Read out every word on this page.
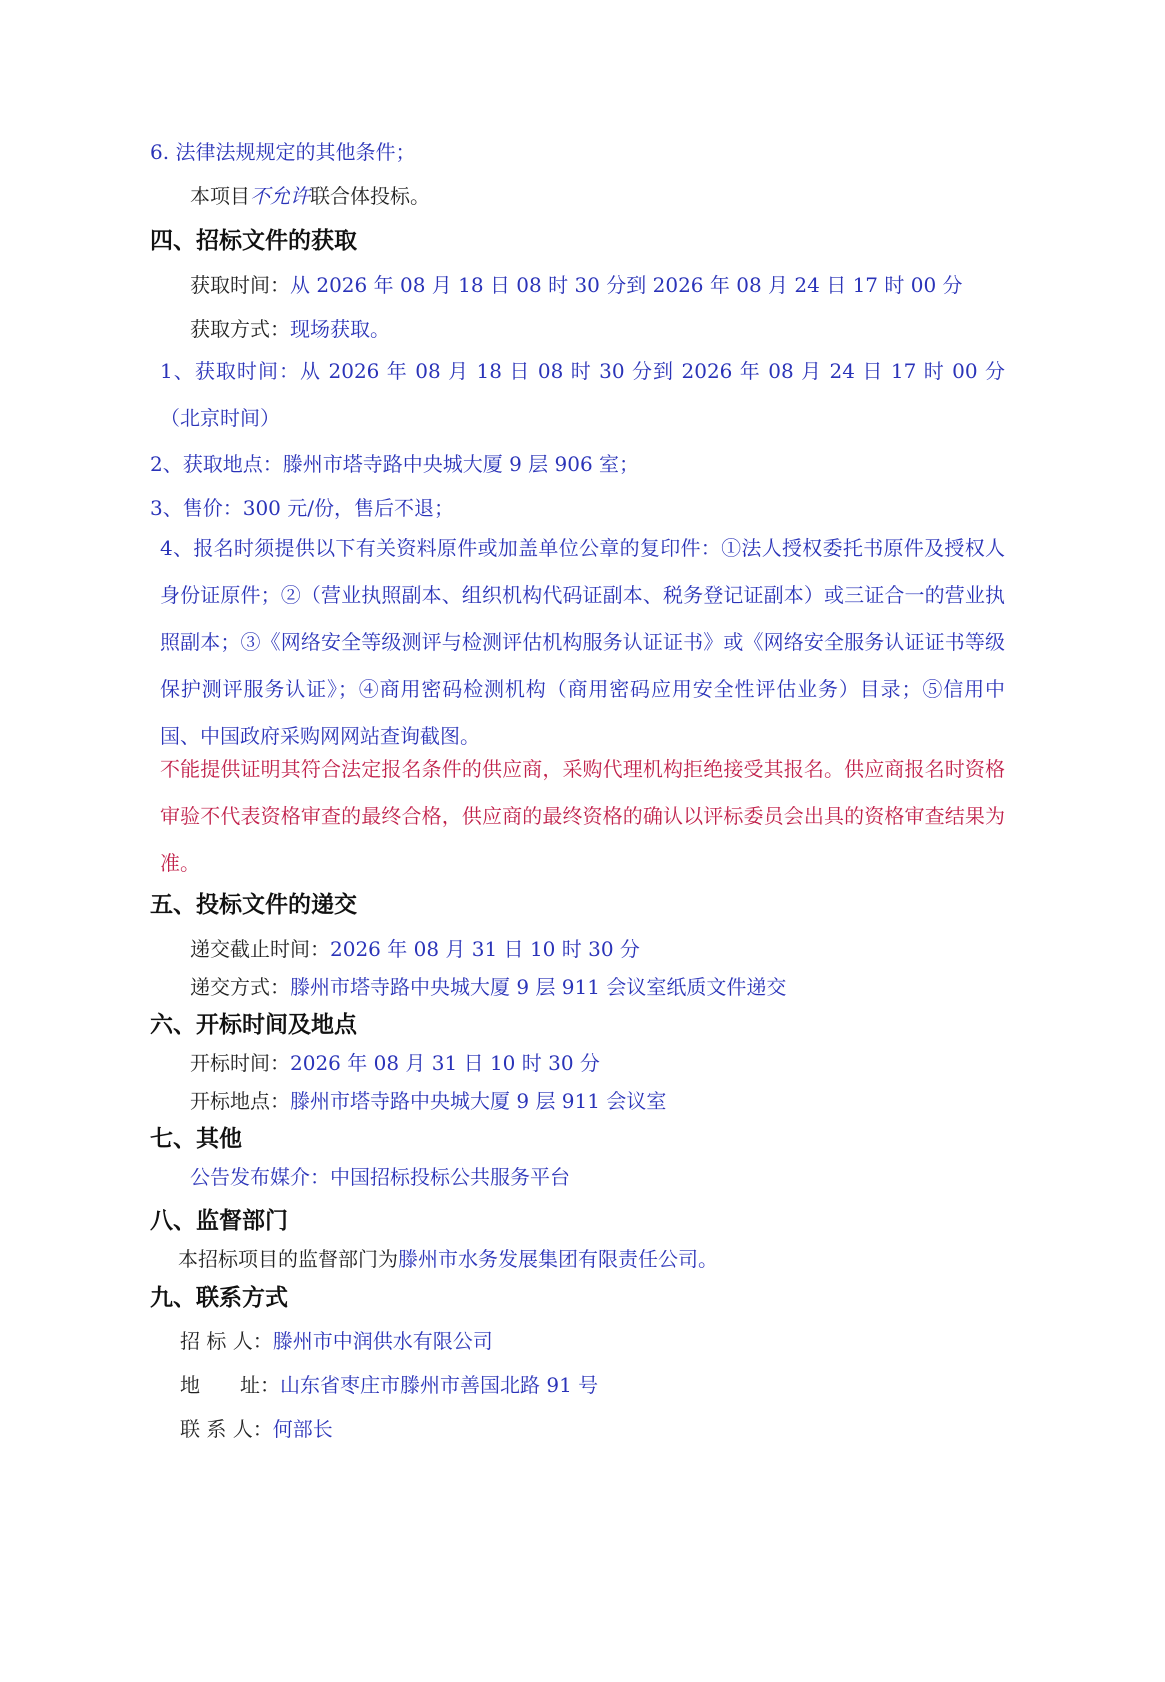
6. 法律法规规定的其他条件；
本项目不允许联合体投标。
四、招标文件的获取
获取时间：从 2026 年 08 月 18 日 08 时 30 分到 2026 年 08 月 24 日 17 时 00 分
获取方式：现场获取。
1、获取时间：从 2026 年 08 月 18 日 08 时 30 分到 2026 年 08 月 24 日 17 时 00 分（北京时间）
2、获取地点：滕州市塔寺路中央城大厦 9 层 906 室；
3、售价：300 元/份，售后不退；
4、报名时须提供以下有关资料原件或加盖单位公章的复印件：①法人授权委托书原件及授权人身份证原件；②（营业执照副本、组织机构代码证副本、税务登记证副本）或三证合一的营业执照副本；③《网络安全等级测评与检测评估机构服务认证证书》或《网络安全服务认证证书等级保护测评服务认证》；④商用密码检测机构（商用密码应用安全性评估业务）目录；⑤信用中国、中国政府采购网网站查询截图。
不能提供证明其符合法定报名条件的供应商，采购代理机构拒绝接受其报名。供应商报名时资格审验不代表资格审查的最终合格，供应商的最终资格的确认以评标委员会出具的资格审查结果为准。
五、投标文件的递交
递交截止时间：2026 年 08 月 31 日 10 时 30 分
递交方式：滕州市塔寺路中央城大厦 9 层 911 会议室纸质文件递交
六、开标时间及地点
开标时间：2026 年 08 月 31 日 10 时 30 分
开标地点：滕州市塔寺路中央城大厦 9 层 911 会议室
七、其他
公告发布媒介：中国招标投标公共服务平台
八、监督部门
本招标项目的监督部门为滕州市水务发展集团有限责任公司。
九、联系方式
招 标 人：滕州市中润供水有限公司
地　　址：山东省枣庄市滕州市善国北路 91 号
联 系 人：何部长
